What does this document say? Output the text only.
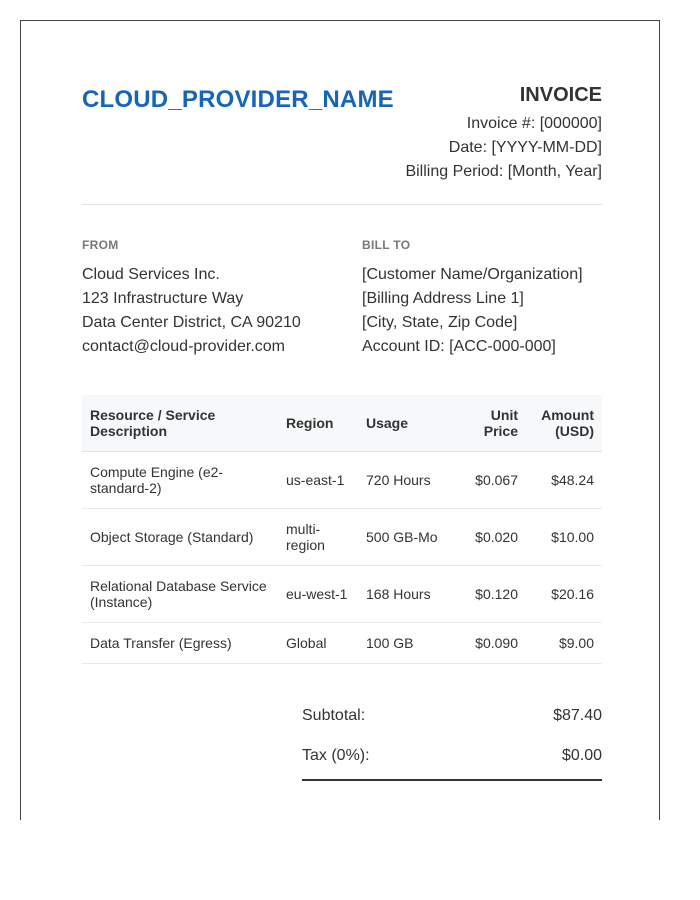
CLOUD_PROVIDER_NAME	INVOICE
Invoice #: [000000]
Date: [YYYY-MM-DD]
Billing Period: [Month, Year]
FROM
Cloud Services Inc.
123 Infrastructure Way
Data Center District, CA 90210
contact@cloud-provider.com
BILL TO
[Customer Name/Organization]
[Billing Address Line 1]
[City, State, Zip Code]
Account ID: [ACC-000-000]
Resource / Service Description	Region	Usage	Unit Price	Amount (USD)
Compute Engine (e2-standard-2)	us-east-1	720 Hours	$0.067	$48.24
Object Storage (Standard)	multi-region	500 GB-Mo	$0.020	$10.00
Relational Database Service (Instance)	eu-west-1	168 Hours	$0.120	$20.16
Data Transfer (Egress)	Global	100 GB	$0.090	$9.00
Subtotal:	$87.40
Tax (0%):	$0.00
